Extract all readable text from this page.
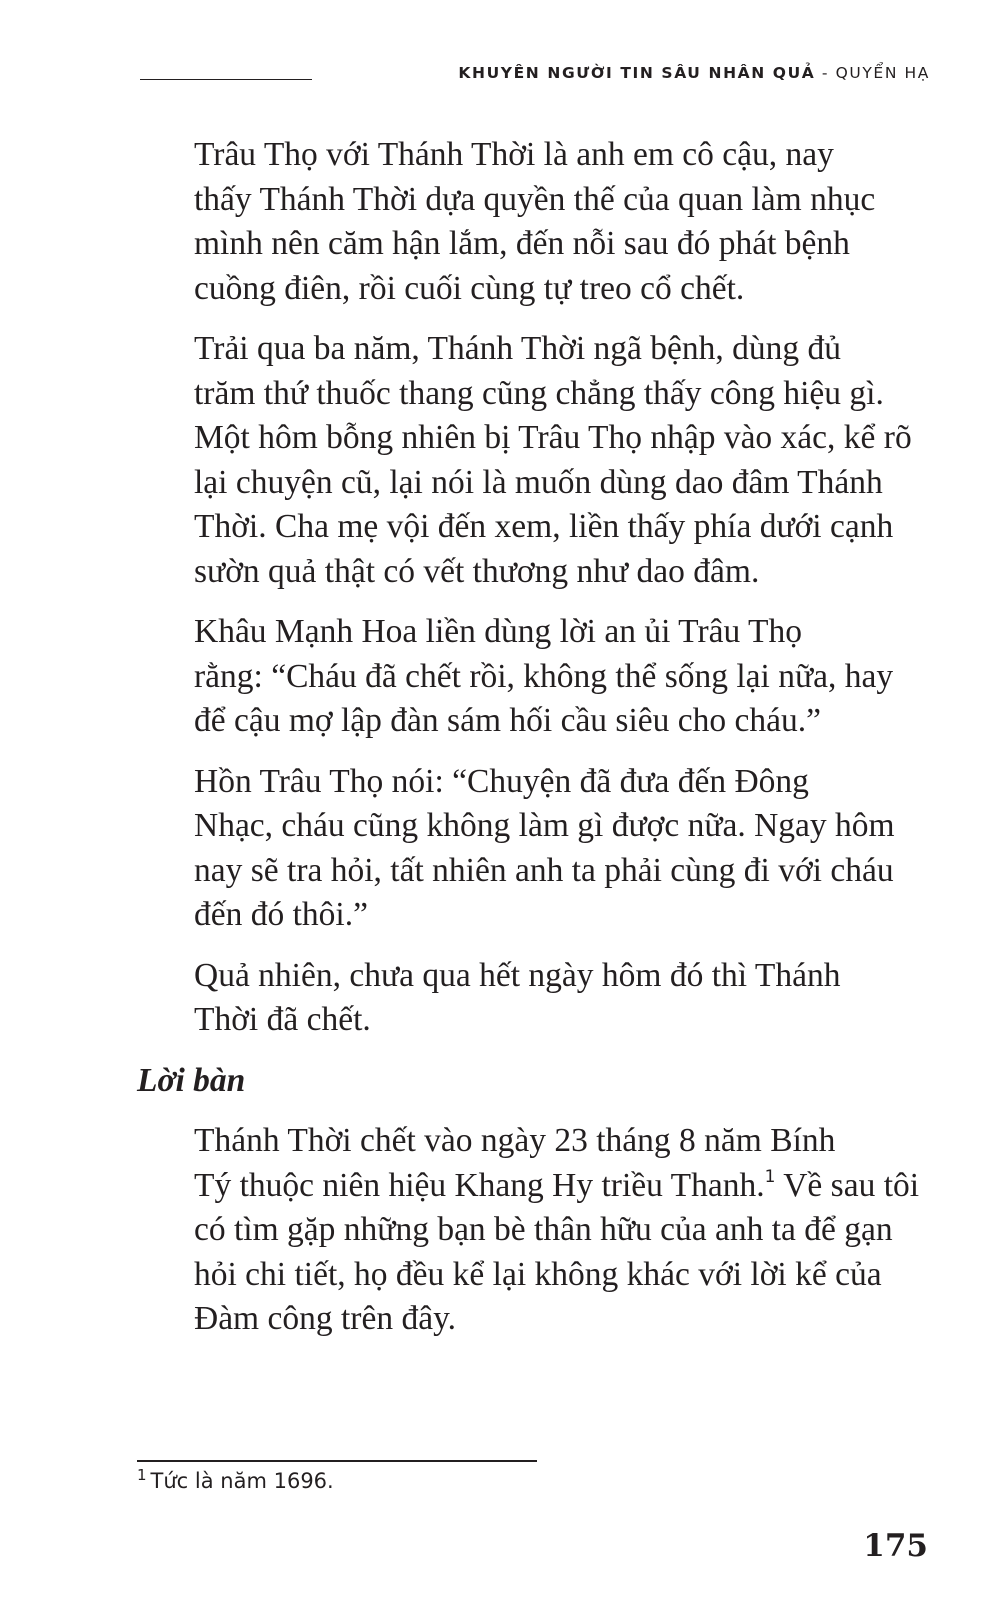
KHUYÊN NGƯỜI TIN SÂU NHÂN QUẢ - QUYỂN HẠ

Trâu Thọ với Thánh Thời là anh em cô cậu, nay
thấy Thánh Thời dựa quyền thế của quan làm nhục
mình nên căm hận lắm, đến nỗi sau đó phát bệnh
cuồng điên, rồi cuối cùng tự treo cổ chết.

Trải qua ba năm, Thánh Thời ngã bệnh, dùng đủ
trăm thứ thuốc thang cũng chẳng thấy công hiệu gì.
Một hôm bỗng nhiên bị Trâu Thọ nhập vào xác, kể rõ
lại chuyện cũ, lại nói là muốn dùng dao đâm Thánh
Thời. Cha mẹ vội đến xem, liền thấy phía dưới cạnh
sườn quả thật có vết thương như dao đâm.

Khâu Mạnh Hoa liền dùng lời an ủi Trâu Thọ
rằng: “Cháu đã chết rồi, không thể sống lại nữa, hay
để cậu mợ lập đàn sám hối cầu siêu cho cháu.”

Hồn Trâu Thọ nói: “Chuyện đã đưa đến Đông
Nhạc, cháu cũng không làm gì được nữa. Ngay hôm
nay sẽ tra hỏi, tất nhiên anh ta phải cùng đi với cháu
đến đó thôi.”

Quả nhiên, chưa qua hết ngày hôm đó thì Thánh
Thời đã chết.

Lời bàn

Thánh Thời chết vào ngày 23 tháng 8 năm Bính
Tý thuộc niên hiệu Khang Hy triều Thanh.$^1$ Về sau tôi
có tìm gặp những bạn bè thân hữu của anh ta để gạn
hỏi chi tiết, họ đều kể lại không khác với lời kể của
Đàm công trên đây.

$^1$ Tức là năm 1696.
175
